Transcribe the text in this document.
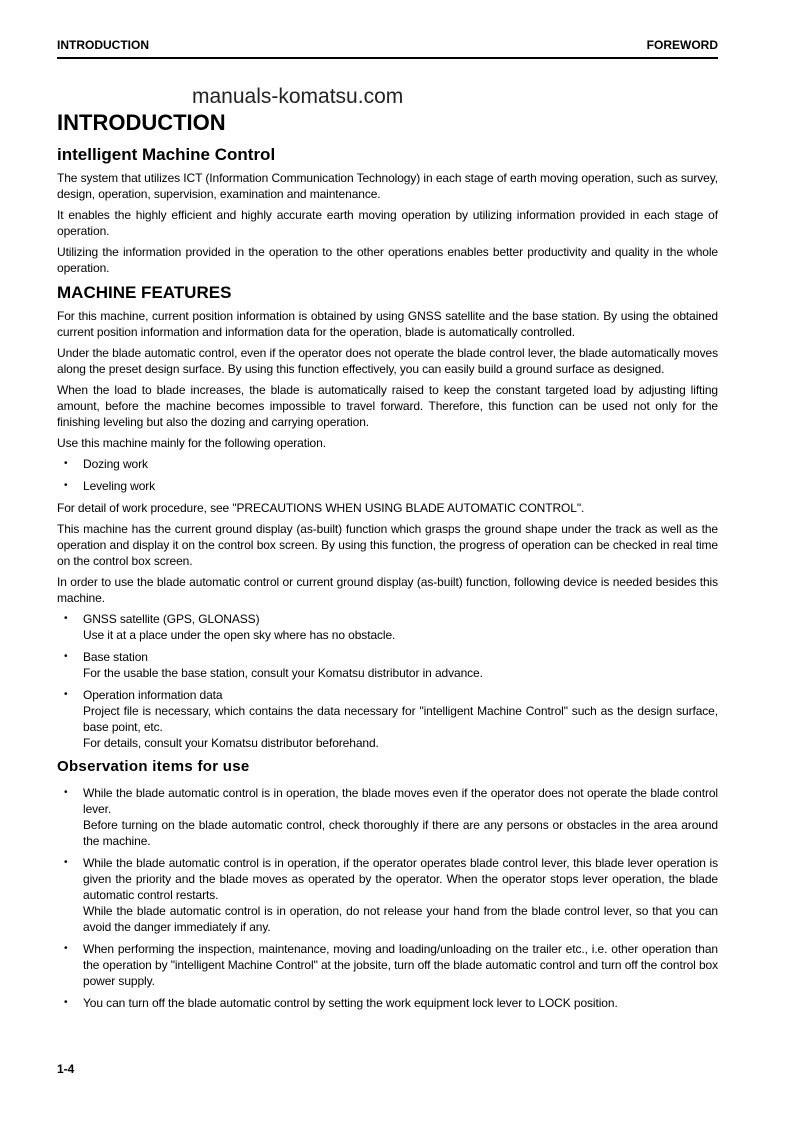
INTRODUCTION	FOREWORD
manuals-komatsu.com
INTRODUCTION
intelligent Machine Control

The system that utilizes ICT (Information Communication Technology) in each stage of earth moving operation, such as survey, design, operation, supervision, examination and maintenance.

It enables the highly efficient and highly accurate earth moving operation by utilizing information provided in each stage of operation.

Utilizing the information provided in the operation to the other operations enables better productivity and quality in the whole operation.

MACHINE FEATURES

For this machine, current position information is obtained by using GNSS satellite and the base station. By using the obtained current position information and information data for the operation, blade is automatically controlled.

Under the blade automatic control, even if the operator does not operate the blade control lever, the blade automatically moves along the preset design surface. By using this function effectively, you can easily build a ground surface as designed.

When the load to blade increases, the blade is automatically raised to keep the constant targeted load by adjusting lifting amount, before the machine becomes impossible to travel forward. Therefore, this function can be used not only for the finishing leveling but also the dozing and carrying operation.

Use this machine mainly for the following operation.

• Dozing work
• Leveling work

For detail of work procedure, see "PRECAUTIONS WHEN USING BLADE AUTOMATIC CONTROL".

This machine has the current ground display (as-built) function which grasps the ground shape under the track as well as the operation and display it on the control box screen. By using this function, the progress of operation can be checked in real time on the control box screen.

In order to use the blade automatic control or current ground display (as-built) function, following device is needed besides this machine.

• GNSS satellite (GPS, GLONASS)
Use it at a place under the open sky where has no obstacle.
• Base station
For the usable the base station, consult your Komatsu distributor in advance.
• Operation information data
Project file is necessary, which contains the data necessary for "intelligent Machine Control" such as the design surface, base point, etc.
For details, consult your Komatsu distributor beforehand.
Observation items for use
• While the blade automatic control is in operation, the blade moves even if the operator does not operate the blade control lever.
Before turning on the blade automatic control, check thoroughly if there are any persons or obstacles in the area around the machine.
• While the blade automatic control is in operation, if the operator operates blade control lever, this blade lever operation is given the priority and the blade moves as operated by the operator. When the operator stops lever operation, the blade automatic control restarts.
While the blade automatic control is in operation, do not release your hand from the blade control lever, so that you can avoid the danger immediately if any.
• When performing the inspection, maintenance, moving and loading/unloading on the trailer etc., i.e. other operation than the operation by "intelligent Machine Control" at the jobsite, turn off the blade automatic control and turn off the control box power supply.
• You can turn off the blade automatic control by setting the work equipment lock lever to LOCK position.
1-4
